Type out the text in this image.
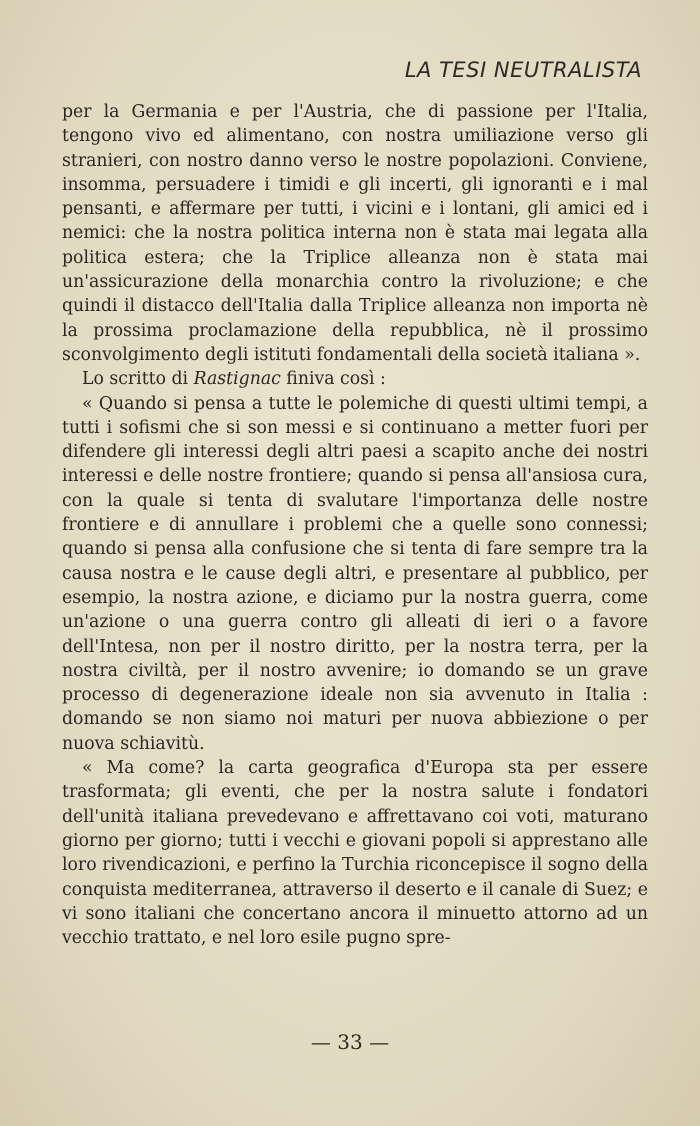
LA TESI NEUTRALISTA

per la Germania e per l'Austria, che di passione per l'Italia, tengono vivo ed alimentano, con nostra umiliazione verso gli stranieri, con nostro danno verso le nostre popolazioni. Conviene, insomma, persuadere i timidi e gli incerti, gli ignoranti e i mal pensanti, e affermare per tutti, i vicini e i lontani, gli amici ed i nemici: che la nostra politica interna non è stata mai legata alla politica estera; che la Triplice alleanza non è stata mai un'assicurazione della monarchia contro la rivoluzione; e che quindi il distacco dell'Italia dalla Triplice alleanza non importa nè la prossima proclamazione della repubblica, nè il prossimo sconvolgimento degli istituti fondamentali della società italiana ».

Lo scritto di Rastignac finiva così :

« Quando si pensa a tutte le polemiche di questi ultimi tempi, a tutti i sofismi che si son messi e si continuano a metter fuori per difendere gli interessi degli altri paesi a scapito anche dei nostri interessi e delle nostre frontiere; quando si pensa all'ansiosa cura, con la quale si tenta di svalutare l'importanza delle nostre frontiere e di annullare i problemi che a quelle sono connessi; quando si pensa alla confusione che si tenta di fare sempre tra la causa nostra e le cause degli altri, e presentare al pubblico, per esempio, la nostra azione, e diciamo pur la nostra guerra, come un'azione o una guerra contro gli alleati di ieri o a favore dell'Intesa, non per il nostro diritto, per la nostra terra, per la nostra civiltà, per il nostro avvenire; io domando se un grave processo di degenerazione ideale non sia avvenuto in Italia : domando se non siamo noi maturi per nuova abbiezione o per nuova schiavitù.

« Ma come? la carta geografica d'Europa sta per essere trasformata; gli eventi, che per la nostra salute i fondatori dell'unità italiana prevedevano e affrettavano coi voti, maturano giorno per giorno; tutti i vecchi e giovani popoli si apprestano alle loro rivendicazioni, e perfino la Turchia riconcepisce il sogno della conquista mediterranea, attraverso il deserto e il canale di Suez; e vi sono italiani che concertano ancora il minuetto attorno ad un vecchio trattato, e nel loro esile pugno spre-

— 33 —
